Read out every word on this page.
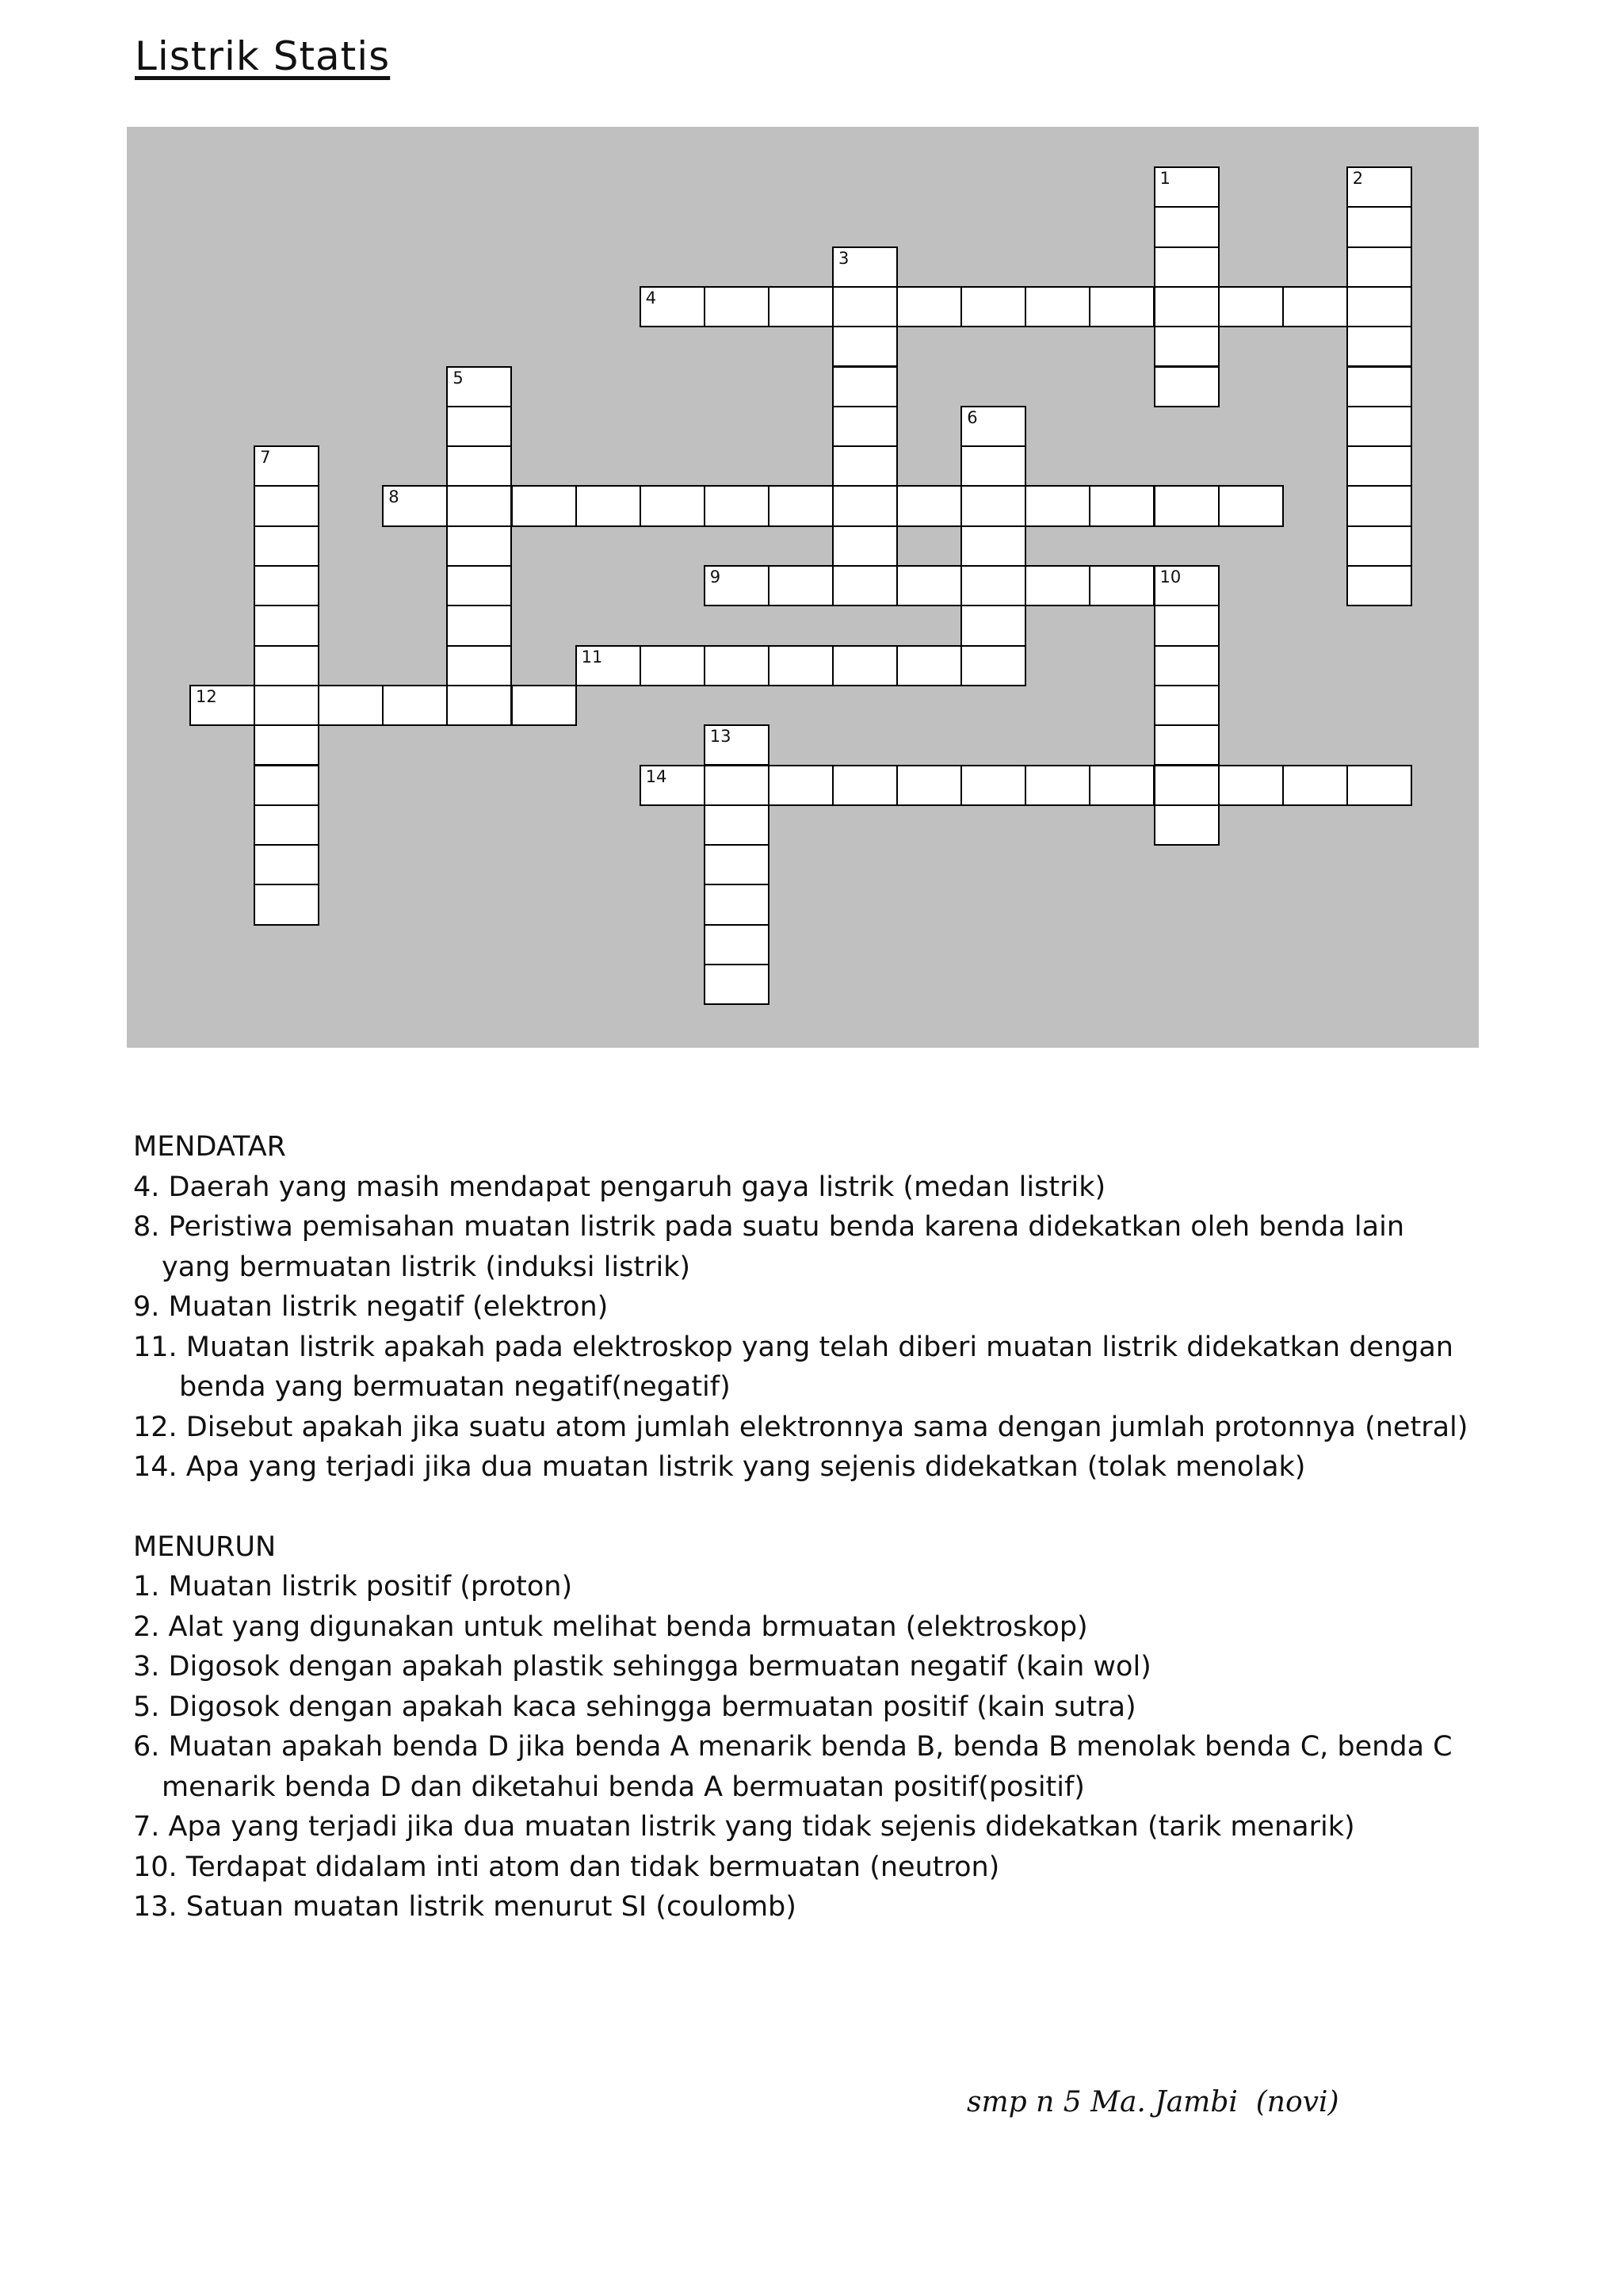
Listrik Statis
1	2
3
4
5
6
7
8
9	10
11
12
13
14
MENDATAR
4. Daerah yang masih mendapat pengaruh gaya listrik (medan listrik)
8. Peristiwa pemisahan muatan listrik pada suatu benda karena didekatkan oleh benda lain
yang bermuatan listrik (induksi listrik)
9. Muatan listrik negatif (elektron)
11. Muatan listrik apakah pada elektroskop yang telah diberi muatan listrik didekatkan dengan
benda yang bermuatan negatif(negatif)
12. Disebut apakah jika suatu atom jumlah elektronnya sama dengan jumlah protonnya (netral)
14. Apa yang terjadi jika dua muatan listrik yang sejenis didekatkan (tolak menolak)
MENURUN
1. Muatan listrik positif (proton)
2. Alat yang digunakan untuk melihat benda brmuatan (elektroskop)
3. Digosok dengan apakah plastik sehingga bermuatan negatif (kain wol)
5. Digosok dengan apakah kaca sehingga bermuatan positif (kain sutra)
6. Muatan apakah benda D jika benda A menarik benda B, benda B menolak benda C, benda C
menarik benda D dan diketahui benda A bermuatan positif(positif)
7. Apa yang terjadi jika dua muatan listrik yang tidak sejenis didekatkan (tarik menarik)
10. Terdapat didalam inti atom dan tidak bermuatan (neutron)
13. Satuan muatan listrik menurut SI (coulomb)
smp n 5 Ma. Jambi  (novi)
